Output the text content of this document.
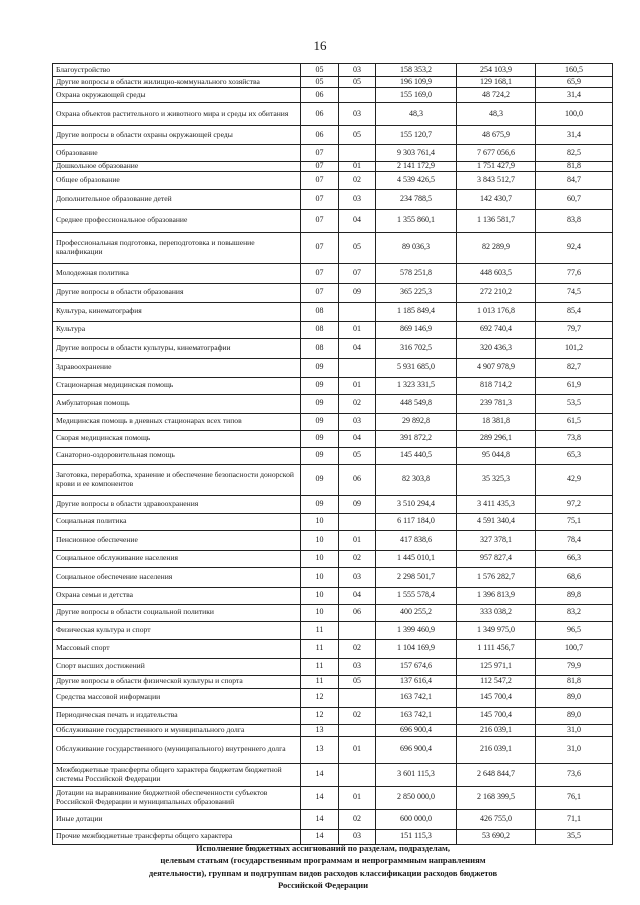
16
Благоустройство	05	03	158 353,2	254 103,9	160,5
Другие вопросы в области жилищно-коммунального хозяйства	05	05	196 109,9	129 168,1	65,9
Охрана окружающей среды	06		155 169,0	48 724,2	31,4
Охрана объектов растительного и животного мира и среды их обитания	06	03	48,3	48,3	100,0
Другие вопросы в области охраны окружающей среды	06	05	155 120,7	48 675,9	31,4
Образование	07		9 303 761,4	7 677 056,6	82,5
Дошкольное образование	07	01	2 141 172,9	1 751 427,9	81,8
Общее образование	07	02	4 539 426,5	3 843 512,7	84,7
Дополнительное образование детей	07	03	234 788,5	142 430,7	60,7
Среднее профессиональное образование	07	04	1 355 860,1	1 136 581,7	83,8
Профессиональная подготовка, переподготовка и повышение квалификации	07	05	89 036,3	82 289,9	92,4
Молодежная политика	07	07	578 251,8	448 603,5	77,6
Другие вопросы в области образования	07	09	365 225,3	272 210,2	74,5
Культура, кинематография	08		1 185 849,4	1 013 176,8	85,4
Культура	08	01	869 146,9	692 740,4	79,7
Другие вопросы в области культуры, кинематографии	08	04	316 702,5	320 436,3	101,2
Здравоохранение	09		5 931 685,0	4 907 978,9	82,7
Стационарная медицинская помощь	09	01	1 323 331,5	818 714,2	61,9
Амбулаторная помощь	09	02	448 549,8	239 781,3	53,5
Медицинская помощь в дневных стационарах всех типов	09	03	29 892,8	18 381,8	61,5
Скорая медицинская помощь	09	04	391 872,2	289 296,1	73,8
Санаторно-оздоровительная помощь	09	05	145 440,5	95 044,8	65,3
Заготовка, переработка, хранение и обеспечение безопасности донорской крови и ее компонентов	09	06	82 303,8	35 325,3	42,9
Другие вопросы в области здравоохранения	09	09	3 510 294,4	3 411 435,3	97,2
Социальная политика	10		6 117 184,0	4 591 340,4	75,1
Пенсионное обеспечение	10	01	417 838,6	327 378,1	78,4
Социальное обслуживание населения	10	02	1 445 010,1	957 827,4	66,3
Социальное обеспечение населения	10	03	2 298 501,7	1 576 282,7	68,6
Охрана семьи и детства	10	04	1 555 578,4	1 396 813,9	89,8
Другие вопросы в области социальной политики	10	06	400 255,2	333 038,2	83,2
Физическая культура и спорт	11		1 399 460,9	1 349 975,0	96,5
Массовый спорт	11	02	1 104 169,9	1 111 456,7	100,7
Спорт высших достижений	11	03	157 674,6	125 971,1	79,9
Другие вопросы в области физической культуры и спорта	11	05	137 616,4	112 547,2	81,8
Средства массовой информации	12		163 742,1	145 700,4	89,0
Периодическая печать и издательства	12	02	163 742,1	145 700,4	89,0
Обслуживание государственного и муниципального долга	13		696 900,4	216 039,1	31,0
Обслуживание государственного (муниципального) внутреннего долга	13	01	696 900,4	216 039,1	31,0
Межбюджетные трансферты общего характера бюджетам бюджетной системы Российской Федерации	14		3 601 115,3	2 648 844,7	73,6
Дотации на выравнивание бюджетной обеспеченности субъектов Российской Федерации и муниципальных образований	14	01	2 850 000,0	2 168 399,5	76,1
Иные дотации	14	02	600 000,0	426 755,0	71,1
Прочие межбюджетные трансферты общего характера	14	03	151 115,3	53 690,2	35,5
Исполнение бюджетных ассигнований по разделам, подразделам,
целевым статьям (государственным программам и непрограммным направлениям
деятельности), группам и подгруппам видов расходов классификации расходов бюджетов
Российской Федерации
